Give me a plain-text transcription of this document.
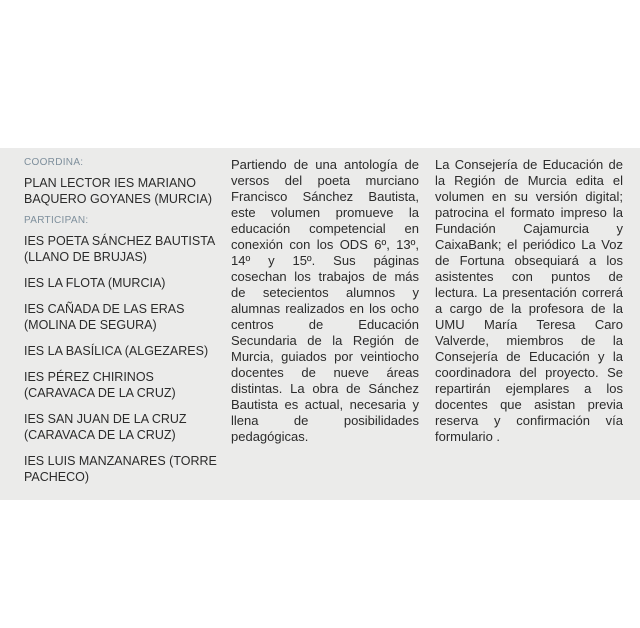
COORDINA:
PLAN LECTOR IES MARIANO BAQUERO GOYANES (MURCIA)
PARTICIPAN:
IES POETA SÁNCHEZ BAUTISTA (LLANO DE BRUJAS)
IES LA FLOTA (MURCIA)
IES CAÑADA DE LAS ERAS (MOLINA DE SEGURA)
IES LA BASÍLICA (ALGEZARES)
IES PÉREZ CHIRINOS (CARAVACA DE LA CRUZ)
IES SAN JUAN DE LA CRUZ (CARAVACA DE LA CRUZ)
IES LUIS MANZANARES (TORRE PACHECO)

Partiendo de una antología de versos del poeta murciano Francisco Sánchez Bautista, este volumen promueve la educación competencial en conexión con los ODS 6º, 13º, 14º y 15º. Sus páginas cosechan los trabajos de más de setecientos alumnos y alumnas realizados en los ocho centros de Educación Secundaria de la Región de Murcia, guiados por veintiocho docentes de nueve áreas distintas. La obra de Sánchez Bautista es actual, necesaria y llena de posibilidades pedagógicas.

La Consejería de Educación de la Región de Murcia edita el volumen en su versión digital; patrocina el formato impreso la Fundación Cajamurcia y CaixaBank; el periódico La Voz de Fortuna obsequiará a los asistentes con puntos de lectura. La presentación correrá a cargo de la profesora de la UMU María Teresa Caro Valverde, miembros de la Consejería de Educación y la coordinadora del proyecto. Se repartirán ejemplares a los docentes que asistan previa reserva y confirmación vía formulario .
